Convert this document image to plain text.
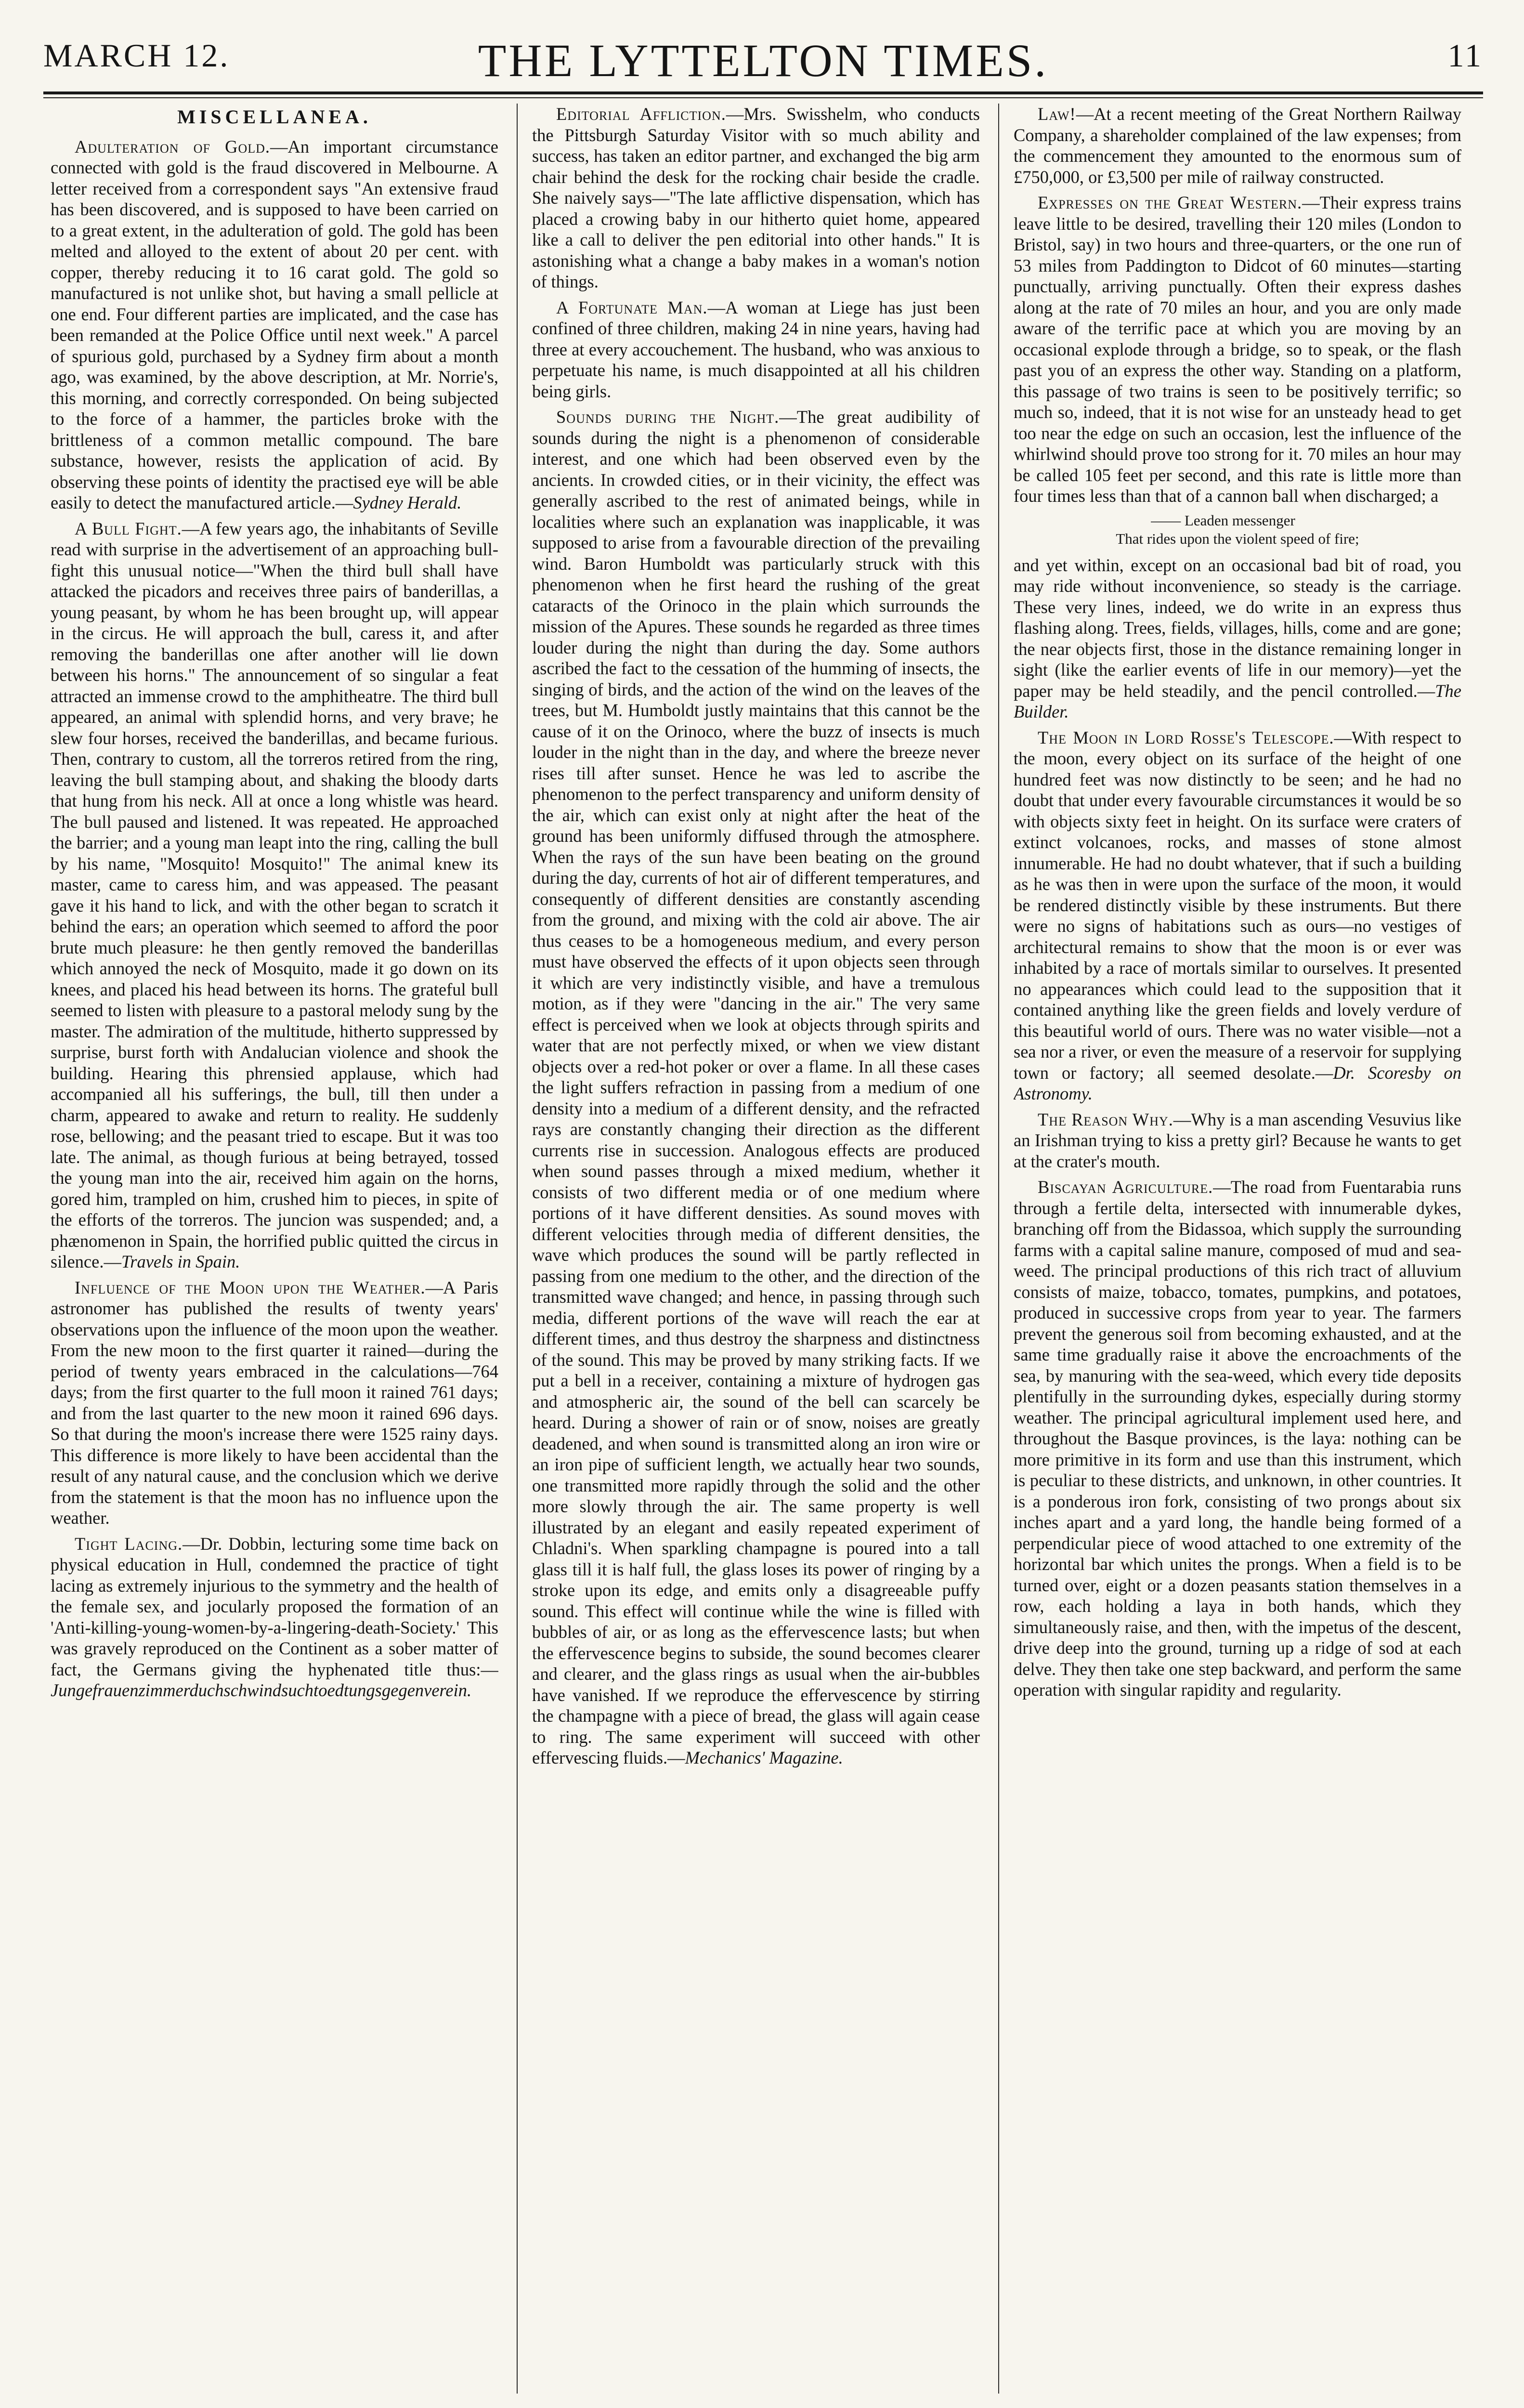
MARCH 12.	THE LYTTELTON TIMES.	11
MISCELLANEA.

Adulteration of Gold.—An important circumstance connected with gold is the fraud discovered in Melbourne. A letter received from a correspondent says "An extensive fraud has been discovered, and is supposed to have been carried on to a great extent, in the adulteration of gold. The gold has been melted and alloyed to the extent of about 20 per cent. with copper, thereby reducing it to 16 carat gold. The gold so manufactured is not unlike shot, but having a small pellicle at one end. Four different parties are implicated, and the case has been remanded at the Police Office until next week." A parcel of spurious gold, purchased by a Sydney firm about a month ago, was examined, by the above description, at Mr. Norrie's, this morning, and correctly corresponded. On being subjected to the force of a hammer, the particles broke with the brittleness of a common metallic compound. The bare substance, however, resists the application of acid. By observing these points of identity the practised eye will be able easily to detect the manufactured article.—Sydney Herald.

A Bull Fight.—A few years ago, the inhabitants of Seville read with surprise in the advertisement of an approaching bull-fight this unusual notice—"When the third bull shall have attacked the picadors and receives three pairs of banderillas, a young peasant, by whom he has been brought up, will appear in the circus. He will approach the bull, caress it, and after removing the banderillas one after another will lie down between his horns." The announcement of so singular a feat attracted an immense crowd to the amphitheatre. The third bull appeared, an animal with splendid horns, and very brave; he slew four horses, received the banderillas, and became furious. Then, contrary to custom, all the torreros retired from the ring, leaving the bull stamping about, and shaking the bloody darts that hung from his neck. All at once a long whistle was heard. The bull paused and listened. It was repeated. He approached the barrier; and a young man leapt into the ring, calling the bull by his name, "Mosquito! Mosquito!" The animal knew its master, came to caress him, and was appeased. The peasant gave it his hand to lick, and with the other began to scratch it behind the ears; an operation which seemed to afford the poor brute much pleasure: he then gently removed the banderillas which annoyed the neck of Mosquito, made it go down on its knees, and placed his head between its horns. The grateful bull seemed to listen with pleasure to a pastoral melody sung by the master. The admiration of the multitude, hitherto suppressed by surprise, burst forth with Andalucian violence and shook the building. Hearing this phrensied applause, which had accompanied all his sufferings, the bull, till then under a charm, appeared to awake and return to reality. He suddenly rose, bellowing; and the peasant tried to escape. But it was too late. The animal, as though furious at being betrayed, tossed the young man into the air, received him again on the horns, gored him, trampled on him, crushed him to pieces, in spite of the efforts of the torreros. The juncion was suspended; and, a phænomenon in Spain, the horrified public quitted the circus in silence.—Travels in Spain.

Influence of the Moon upon the Weather.—A Paris astronomer has published the results of twenty years' observations upon the influence of the moon upon the weather. From the new moon to the first quarter it rained—during the period of twenty years embraced in the calculations—764 days; from the first quarter to the full moon it rained 761 days; and from the last quarter to the new moon it rained 696 days. So that during the moon's increase there were 1525 rainy days. This difference is more likely to have been accidental than the result of any natural cause, and the conclusion which we derive from the statement is that the moon has no influence upon the weather.

Tight Lacing.—Dr. Dobbin, lecturing some time back on physical education in Hull, condemned the practice of tight lacing as extremely injurious to the symmetry and the health of the female sex, and jocularly proposed the formation of an 'Anti-killing-young-women-by-a-lingering-death-Society.' This was gravely reproduced on the Continent as a sober matter of fact, the Germans giving the hyphenated title thus:—Jungefrauenzimmerduchschwindsuchtoedtungsgegenverein.

Editorial Affliction.—Mrs. Swisshelm, who conducts the Pittsburgh Saturday Visitor with so much ability and success, has taken an editor partner, and exchanged the big arm chair behind the desk for the rocking chair beside the cradle. She naively says—"The late afflictive dispensation, which has placed a crowing baby in our hitherto quiet home, appeared like a call to deliver the pen editorial into other hands." It is astonishing what a change a baby makes in a woman's notion of things.

A Fortunate Man.—A woman at Liege has just been confined of three children, making 24 in nine years, having had three at every accouchement. The husband, who was anxious to perpetuate his name, is much disappointed at all his children being girls.

Sounds during the Night.—The great audibility of sounds during the night is a phenomenon of considerable interest, and one which had been observed even by the ancients. In crowded cities, or in their vicinity, the effect was generally ascribed to the rest of animated beings, while in localities where such an explanation was inapplicable, it was supposed to arise from a favourable direction of the prevailing wind. Baron Humboldt was particularly struck with this phenomenon when he first heard the rushing of the great cataracts of the Orinoco in the plain which surrounds the mission of the Apures. These sounds he regarded as three times louder during the night than during the day. Some authors ascribed the fact to the cessation of the humming of insects, the singing of birds, and the action of the wind on the leaves of the trees, but M. Humboldt justly maintains that this cannot be the cause of it on the Orinoco, where the buzz of insects is much louder in the night than in the day, and where the breeze never rises till after sunset. Hence he was led to ascribe the phenomenon to the perfect transparency and uniform density of the air, which can exist only at night after the heat of the ground has been uniformly diffused through the atmosphere. When the rays of the sun have been beating on the ground during the day, currents of hot air of different temperatures, and consequently of different densities are constantly ascending from the ground, and mixing with the cold air above. The air thus ceases to be a homogeneous medium, and every person must have observed the effects of it upon objects seen through it which are very indistinctly visible, and have a tremulous motion, as if they were "dancing in the air." The very same effect is perceived when we look at objects through spirits and water that are not perfectly mixed, or when we view distant objects over a red-hot poker or over a flame. In all these cases the light suffers refraction in passing from a medium of one density into a medium of a different density, and the refracted rays are constantly changing their direction as the different currents rise in succession. Analogous effects are produced when sound passes through a mixed medium, whether it consists of two different media or of one medium where portions of it have different densities. As sound moves with different velocities through media of different densities, the wave which produces the sound will be partly reflected in passing from one medium to the other, and the direction of the transmitted wave changed; and hence, in passing through such media, different portions of the wave will reach the ear at different times, and thus destroy the sharpness and distinctness of the sound. This may be proved by many striking facts. If we put a bell in a receiver, containing a mixture of hydrogen gas and atmospheric air, the sound of the bell can scarcely be heard. During a shower of rain or of snow, noises are greatly deadened, and when sound is transmitted along an iron wire or an iron pipe of sufficient length, we actually hear two sounds, one transmitted more rapidly through the solid and the other more slowly through the air. The same property is well illustrated by an elegant and easily repeated experiment of Chladni's. When sparkling champagne is poured into a tall glass till it is half full, the glass loses its power of ringing by a stroke upon its edge, and emits only a disagreeable puffy sound. This effect will continue while the wine is filled with bubbles of air, or as long as the effervescence lasts; but when the effervescence begins to subside, the sound becomes clearer and clearer, and the glass rings as usual when the air-bubbles have vanished. If we reproduce the effervescence by stirring the champagne with a piece of bread, the glass will again cease to ring. The same experiment will succeed with other effervescing fluids.—Mechanics' Magazine.

Law!—At a recent meeting of the Great Northern Railway Company, a shareholder complained of the law expenses; from the commencement they amounted to the enormous sum of £750,000, or £3,500 per mile of railway constructed.

Expresses on the Great Western.—Their express trains leave little to be desired, travelling their 120 miles (London to Bristol, say) in two hours and three-quarters, or the one run of 53 miles from Paddington to Didcot of 60 minutes—starting punctually, arriving punctually. Often their express dashes along at the rate of 70 miles an hour, and you are only made aware of the terrific pace at which you are moving by an occasional explode through a bridge, so to speak, or the flash past you of an express the other way. Standing on a platform, this passage of two trains is seen to be positively terrific; so much so, indeed, that it is not wise for an unsteady head to get too near the edge on such an occasion, lest the influence of the whirlwind should prove too strong for it. 70 miles an hour may be called 105 feet per second, and this rate is little more than four times less than that of a cannon ball when discharged; a

—— Leaden messenger
That rides upon the violent speed of fire;

and yet within, except on an occasional bad bit of road, you may ride without inconvenience, so steady is the carriage. These very lines, indeed, we do write in an express thus flashing along. Trees, fields, villages, hills, come and are gone; the near objects first, those in the distance remaining longer in sight (like the earlier events of life in our memory)—yet the paper may be held steadily, and the pencil controlled.—The Builder.

The Moon in Lord Rosse's Telescope.—With respect to the moon, every object on its surface of the height of one hundred feet was now distinctly to be seen; and he had no doubt that under every favourable circumstances it would be so with objects sixty feet in height. On its surface were craters of extinct volcanoes, rocks, and masses of stone almost innumerable. He had no doubt whatever, that if such a building as he was then in were upon the surface of the moon, it would be rendered distinctly visible by these instruments. But there were no signs of habitations such as ours—no vestiges of architectural remains to show that the moon is or ever was inhabited by a race of mortals similar to ourselves. It presented no appearances which could lead to the supposition that it contained anything like the green fields and lovely verdure of this beautiful world of ours. There was no water visible—not a sea nor a river, or even the measure of a reservoir for supplying town or factory; all seemed desolate.—Dr. Scoresby on Astronomy.

The Reason Why.—Why is a man ascending Vesuvius like an Irishman trying to kiss a pretty girl? Because he wants to get at the crater's mouth.

Biscayan Agriculture.—The road from Fuentarabia runs through a fertile delta, intersected with innumerable dykes, branching off from the Bidassoa, which supply the surrounding farms with a capital saline manure, composed of mud and sea-weed. The principal productions of this rich tract of alluvium consists of maize, tobacco, tomates, pumpkins, and potatoes, produced in successive crops from year to year. The farmers prevent the generous soil from becoming exhausted, and at the same time gradually raise it above the encroachments of the sea, by manuring with the sea-weed, which every tide deposits plentifully in the surrounding dykes, especially during stormy weather. The principal agricultural implement used here, and throughout the Basque provinces, is the laya: nothing can be more primitive in its form and use than this instrument, which is peculiar to these districts, and unknown, in other countries. It is a ponderous iron fork, consisting of two prongs about six inches apart and a yard long, the handle being formed of a perpendicular piece of wood attached to one extremity of the horizontal bar which unites the prongs. When a field is to be turned over, eight or a dozen peasants station themselves in a row, each holding a laya in both hands, which they simultaneously raise, and then, with the impetus of the descent, drive deep into the ground, turning up a ridge of sod at each delve. They then take one step backward, and perform the same operation with singular rapidity and regularity.
